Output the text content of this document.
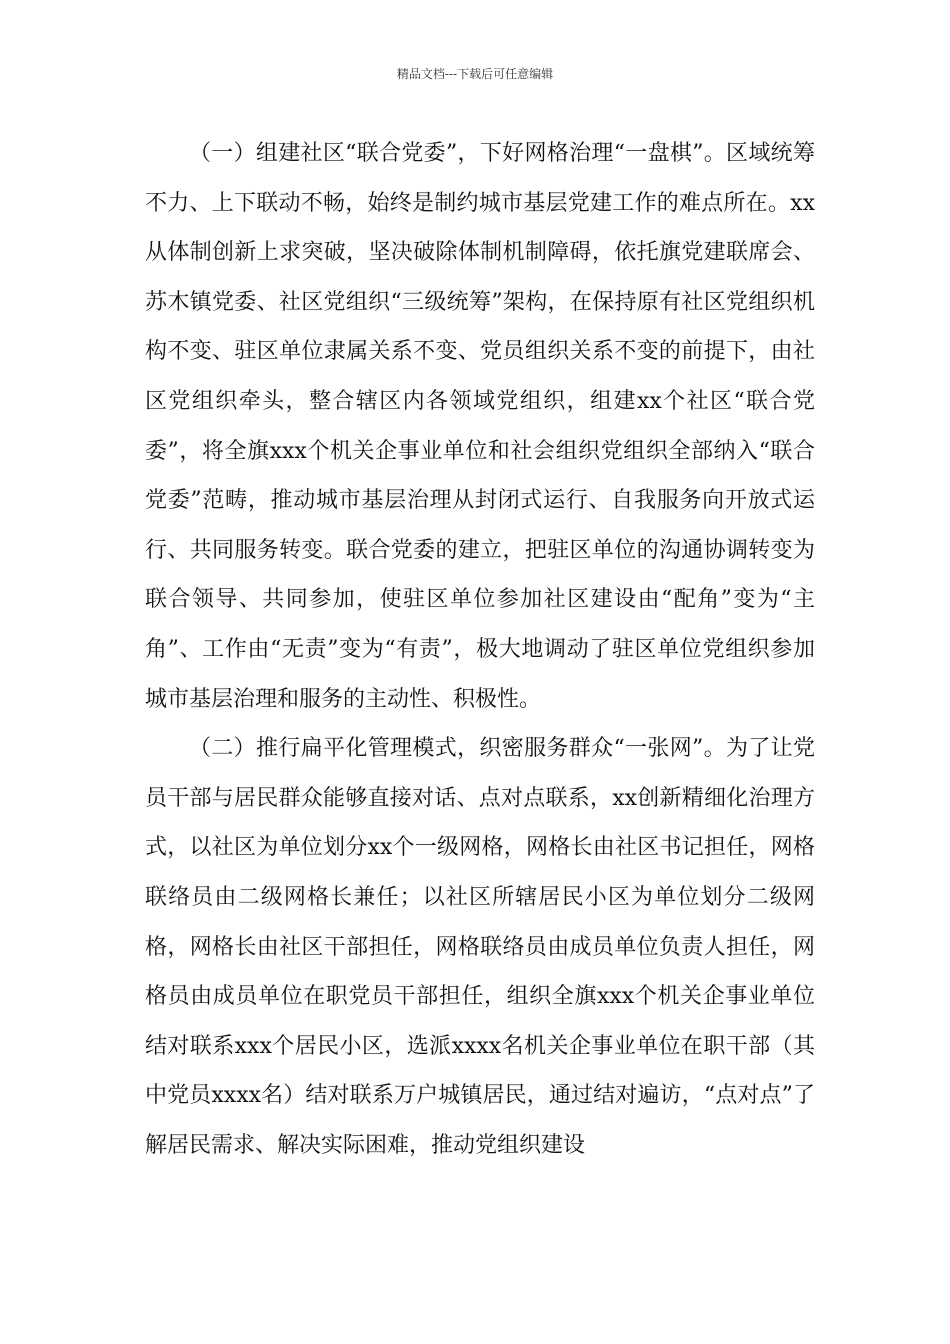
精品文档---下载后可任意编辑

（一）组建社区“联合党委”，下好网格治理“一盘棋”。区域统筹不力、上下联动不畅，始终是制约城市基层党建工作的难点所在。xx从体制创新上求突破，坚决破除体制机制障碍，依托旗党建联席会、苏木镇党委、社区党组织“三级统筹”架构，在保持原有社区党组织机构不变、驻区单位隶属关系不变、党员组织关系不变的前提下，由社区党组织牵头，整合辖区内各领域党组织，组建xx个社区“联合党委”，将全旗xxx个机关企事业单位和社会组织党组织全部纳入“联合党委”范畴，推动城市基层治理从封闭式运行、自我服务向开放式运行、共同服务转变。联合党委的建立，把驻区单位的沟通协调转变为联合领导、共同参加，使驻区单位参加社区建设由“配角”变为“主角”、工作由“无责”变为“有责”，极大地调动了驻区单位党组织参加城市基层治理和服务的主动性、积极性。

（二）推行扁平化管理模式，织密服务群众“一张网”。为了让党员干部与居民群众能够直接对话、点对点联系，xx创新精细化治理方式，以社区为单位划分xx个一级网格，网格长由社区书记担任，网格联络员由二级网格长兼任；以社区所辖居民小区为单位划分二级网格，网格长由社区干部担任，网格联络员由成员单位负责人担任，网格员由成员单位在职党员干部担任，组织全旗xxx个机关企事业单位结对联系xxx个居民小区，选派xxxx名机关企事业单位在职干部（其中党员xxxx名）结对联系万户城镇居民，通过结对遍访，“点对点”了解居民需求、解决实际困难，推动党组织建设
